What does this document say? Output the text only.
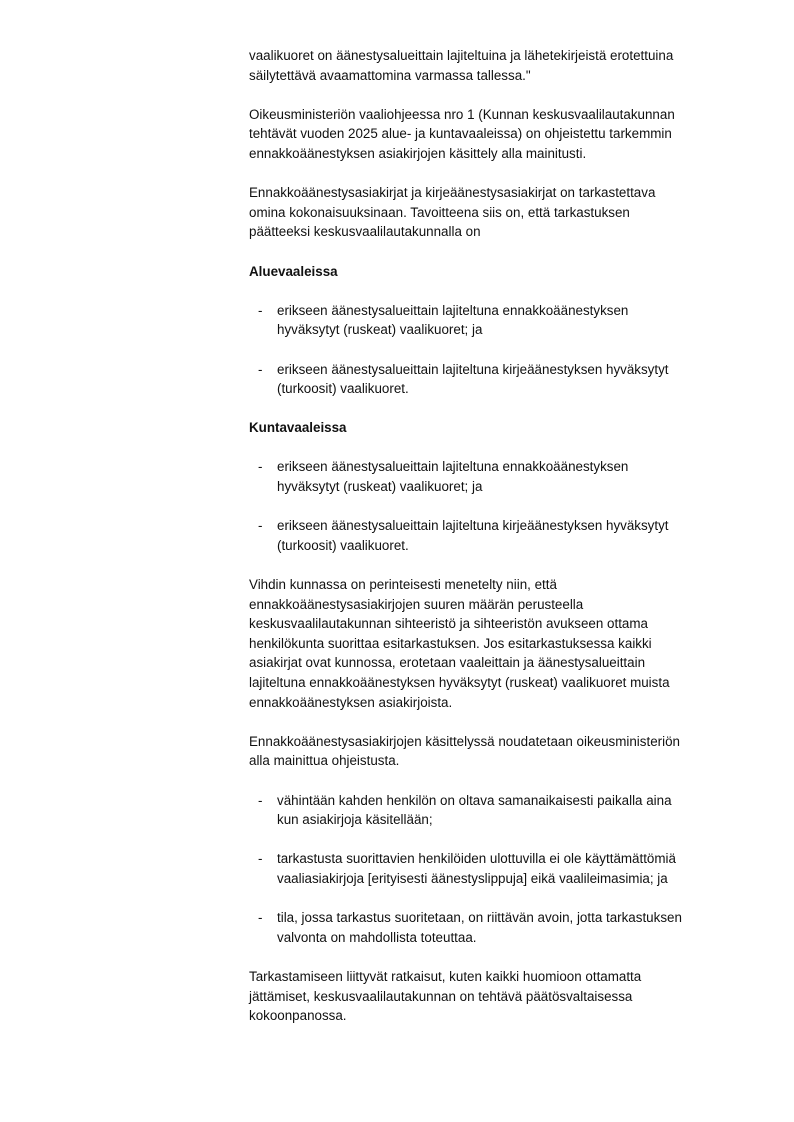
vaalikuoret on äänestysalueittain lajiteltuina ja lähetekirjeistä erotettuina
säilytettävä avaamattomina varmassa tallessa."
Oikeusministeriön vaaliohjeessa nro 1 (Kunnan keskusvaalilautakunnan
tehtävät vuoden 2025 alue- ja kuntavaaleissa) on ohjeistettu tarkemmin
ennakkoäänestyksen asiakirjojen käsittely alla mainitusti.
Ennakkoäänestysasiakirjat ja kirjeäänestysasiakirjat on tarkastettava
omina kokonaisuuksinaan. Tavoitteena siis on, että tarkastuksen
päätteeksi keskusvaalilautakunnalla on
Aluevaaleissa
- erikseen äänestysalueittain lajiteltuna ennakkoäänestyksen
hyväksytyt (ruskeat) vaalikuoret; ja
- erikseen äänestysalueittain lajiteltuna kirjeäänestyksen hyväksytyt
(turkoosit) vaalikuoret.
Kuntavaaleissa
- erikseen äänestysalueittain lajiteltuna ennakkoäänestyksen
hyväksytyt (ruskeat) vaalikuoret; ja
- erikseen äänestysalueittain lajiteltuna kirjeäänestyksen hyväksytyt
(turkoosit) vaalikuoret.
Vihdin kunnassa on perinteisesti menetelty niin, että
ennakkoäänestysasiakirjojen suuren määrän perusteella
keskusvaalilautakunnan sihteeristö ja sihteeristön avukseen ottama
henkilökunta suorittaa esitarkastuksen. Jos esitarkastuksessa kaikki
asiakirjat ovat kunnossa, erotetaan vaaleittain ja äänestysalueittain
lajiteltuna ennakkoäänestyksen hyväksytyt (ruskeat) vaalikuoret muista
ennakkoäänestyksen asiakirjoista.
Ennakkoäänestysasiakirjojen käsittelyssä noudatetaan oikeusministeriön
alla mainittua ohjeistusta.
- vähintään kahden henkilön on oltava samanaikaisesti paikalla aina
kun asiakirjoja käsitellään;
- tarkastusta suorittavien henkilöiden ulottuvilla ei ole käyttämättömiä
vaaliasiakirjoja [erityisesti äänestyslippuja] eikä vaalileimasimia; ja
- tila, jossa tarkastus suoritetaan, on riittävän avoin, jotta tarkastuksen
valvonta on mahdollista toteuttaa.
Tarkastamiseen liittyvät ratkaisut, kuten kaikki huomioon ottamatta
jättämiset, keskusvaalilautakunnan on tehtävä päätösvaltaisessa
kokoonpanossa.
